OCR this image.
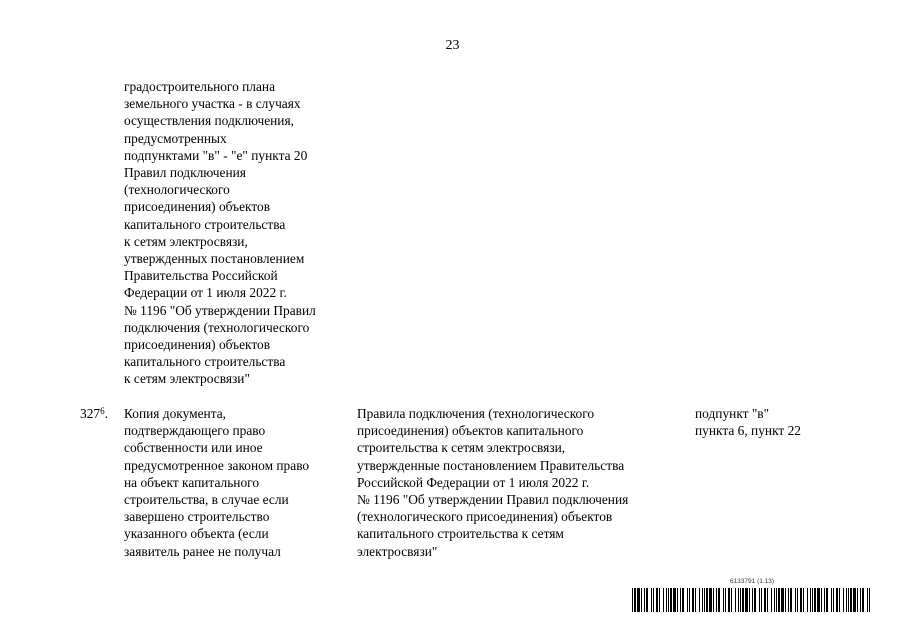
23
градостроительного плана
земельного участка - в случаях
осуществления подключения,
предусмотренных
подпунктами "в" - "е" пункта 20
Правил подключения
(технологического
присоединения) объектов
капитального строительства
к сетям электросвязи,
утвержденных постановлением
Правительства Российской
Федерации от 1 июля 2022 г.
№ 1196 "Об утверждении Правил
подключения (технологического
присоединения) объектов
капитального строительства
к сетям электросвязи"
$327^6$.	Копия документа,
подтверждающего право
собственности или иное
предусмотренное законом право
на объект капитального
строительства, в случае если
завершено строительство
указанного объекта (если
заявитель ранее не получал
Правила подключения (технологического
присоединения) объектов капитального
строительства к сетям электросвязи,
утвержденные постановлением Правительства
Российской Федерации от 1 июля 2022 г.
№ 1196 "Об утверждении Правил подключения
(технологического присоединения) объектов
капитального строительства к сетям
электросвязи"
подпункт "в"
пункта 6, пункт 22
6133791 (1.13)
